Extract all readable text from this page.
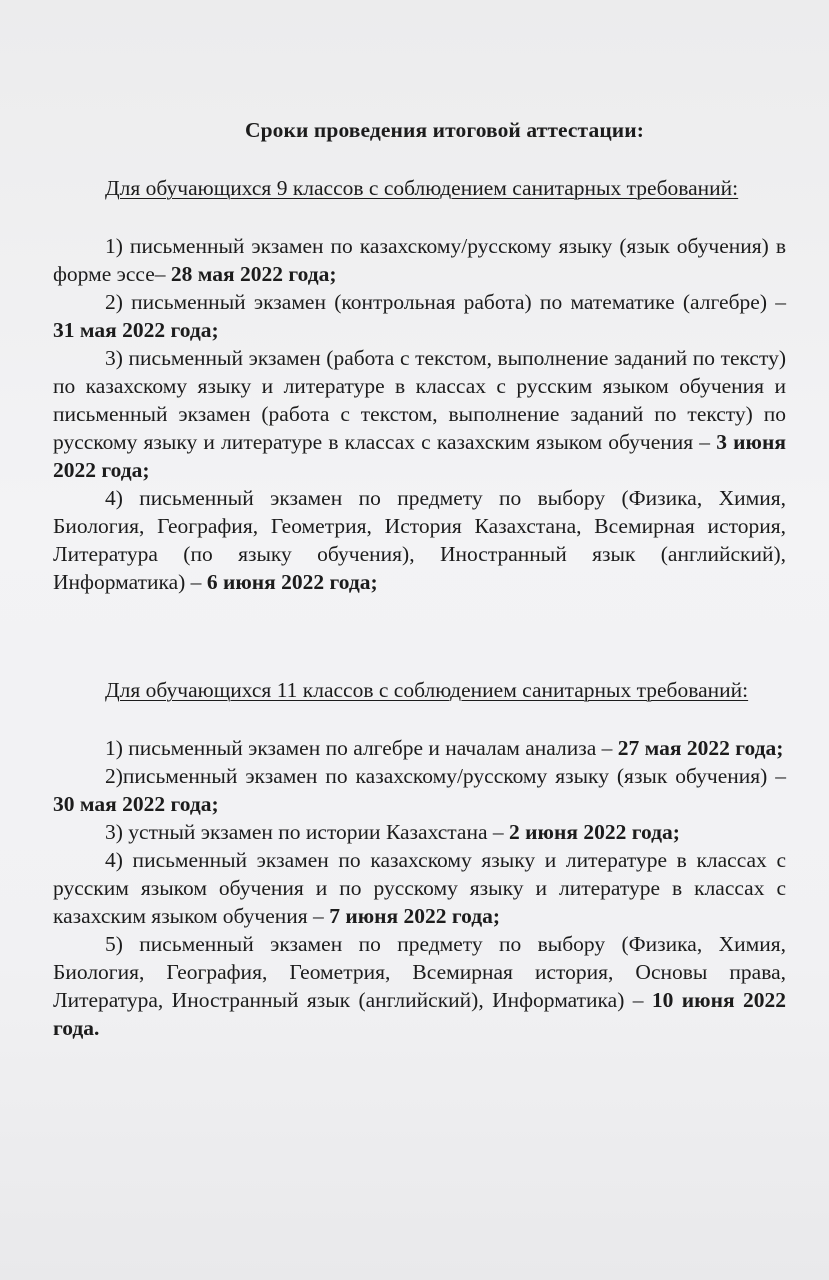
Сроки проведения итоговой аттестации:
Для обучающихся 9 классов с соблюдением санитарных требований:

1) письменный экзамен по казахскому/русскому языку (язык обучения) в форме эссе– 28 мая 2022 года;

2) письменный экзамен (контрольная работа) по математике (алгебре) – 31 мая 2022 года;

3) письменный экзамен (работа с текстом, выполнение заданий по тексту) по казахскому языку и литературе в классах с русским языком обучения и письменный экзамен (работа с текстом, выполнение заданий по тексту) по русскому языку и литературе в классах с казахским языком обучения – 3 июня 2022 года;

4) письменный экзамен по предмету по выбору (Физика, Химия, Биология, География, Геометрия, История Казахстана, Всемирная история, Литература (по языку обучения), Иностранный язык (английский), Информатика) – 6 июня 2022 года;

Для обучающихся 11 классов с соблюдением санитарных требований:

1) письменный экзамен по алгебре и началам анализа – 27 мая 2022 года;

2)письменный экзамен по казахскому/русскому языку (язык обучения) – 30 мая 2022 года;

3) устный экзамен по истории Казахстана – 2 июня 2022 года;

4) письменный экзамен по казахскому языку и литературе в классах с русским языком обучения и по русскому языку и литературе в классах с казахским языком обучения – 7 июня 2022 года;

5) письменный экзамен по предмету по выбору (Физика, Химия, Биология, География, Геометрия, Всемирная история, Основы права, Литература, Иностранный язык (английский), Информатика) – 10 июня 2022 года.
